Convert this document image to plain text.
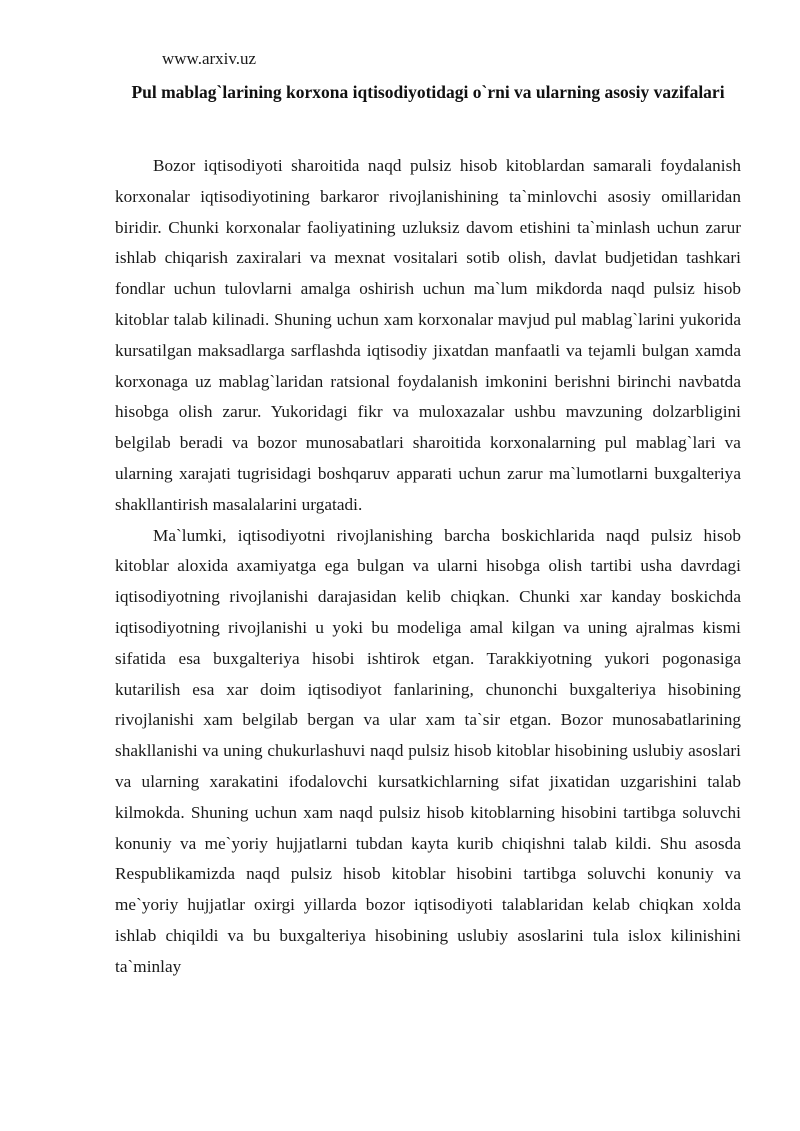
www.arxiv.uz
Pul mablag`larining korxona iqtisodiyotidagi o`rni va ularning asosiy vazifalari

Bozor iqtisodiyoti sharoitida naqd pulsiz hisob kitoblardan samarali foydalanish korxonalar iqtisodiyotining barkaror rivojlanishining ta`minlovchi asosiy omillaridan biridir. Chunki korxonalar faoliyatining uzluksiz davom etishini ta`minlash uchun zarur ishlab chiqarish zaxiralari va mexnat vositalari sotib olish, davlat budjetidan tashkari fondlar uchun tulovlarni amalga oshirish uchun ma`lum mikdorda naqd pulsiz hisob kitoblar talab kilinadi. Shuning uchun xam korxonalar mavjud pul mablag`larini yukorida kursatilgan maksadlarga sarflashda iqtisodiy jixatdan manfaatli va tejamli bulgan xamda korxonaga uz mablag`laridan ratsional foydalanish imkonini berishni birinchi navbatda hisobga olish zarur. Yukoridagi fikr va muloxazalar ushbu mavzuning dolzarbligini belgilab beradi va bozor munosabatlari sharoitida korxonalarning pul mablag`lari va ularning xarajati tugrisidagi boshqaruv apparati uchun zarur ma`lumotlarni buxgalteriya shakllantirish masalalarini urgatadi.

Ma`lumki, iqtisodiyotni rivojlanishing barcha boskichlarida naqd pulsiz hisob kitoblar aloxida axamiyatga ega bulgan va ularni hisobga olish tartibi usha davrdagi iqtisodiyotning rivojlanishi darajasidan kelib chiqkan. Chunki xar kanday boskichda iqtisodiyotning rivojlanishi u yoki bu modeliga amal kilgan va uning ajralmas kismi sifatida esa buxgalteriya hisobi ishtirok etgan. Tarakkiyotning yukori pogonasiga kutarilish esa xar doim iqtisodiyot fanlarining, chunonchi buxgalteriya hisobining rivojlanishi xam belgilab bergan va ular xam ta`sir etgan. Bozor munosabatlarining shakllanishi va uning chukurlashuvi naqd pulsiz hisob kitoblar hisobining uslubiy asoslari va ularning xarakatini ifodalovchi kursatkichlarning sifat jixatidan uzgarishini talab kilmokda. Shuning uchun xam naqd pulsiz hisob kitoblarning hisobini tartibga soluvchi konuniy va me`yoriy hujjatlarni tubdan kayta kurib chiqishni talab kildi. Shu asosda Respublikamizda naqd pulsiz hisob kitoblar hisobini tartibga soluvchi konuniy va me`yoriy hujjatlar oxirgi yillarda bozor iqtisodiyoti talablaridan kelab chiqkan xolda ishlab chiqildi va bu buxgalteriya hisobining uslubiy asoslarini tula islox kilinishini ta`minlay
